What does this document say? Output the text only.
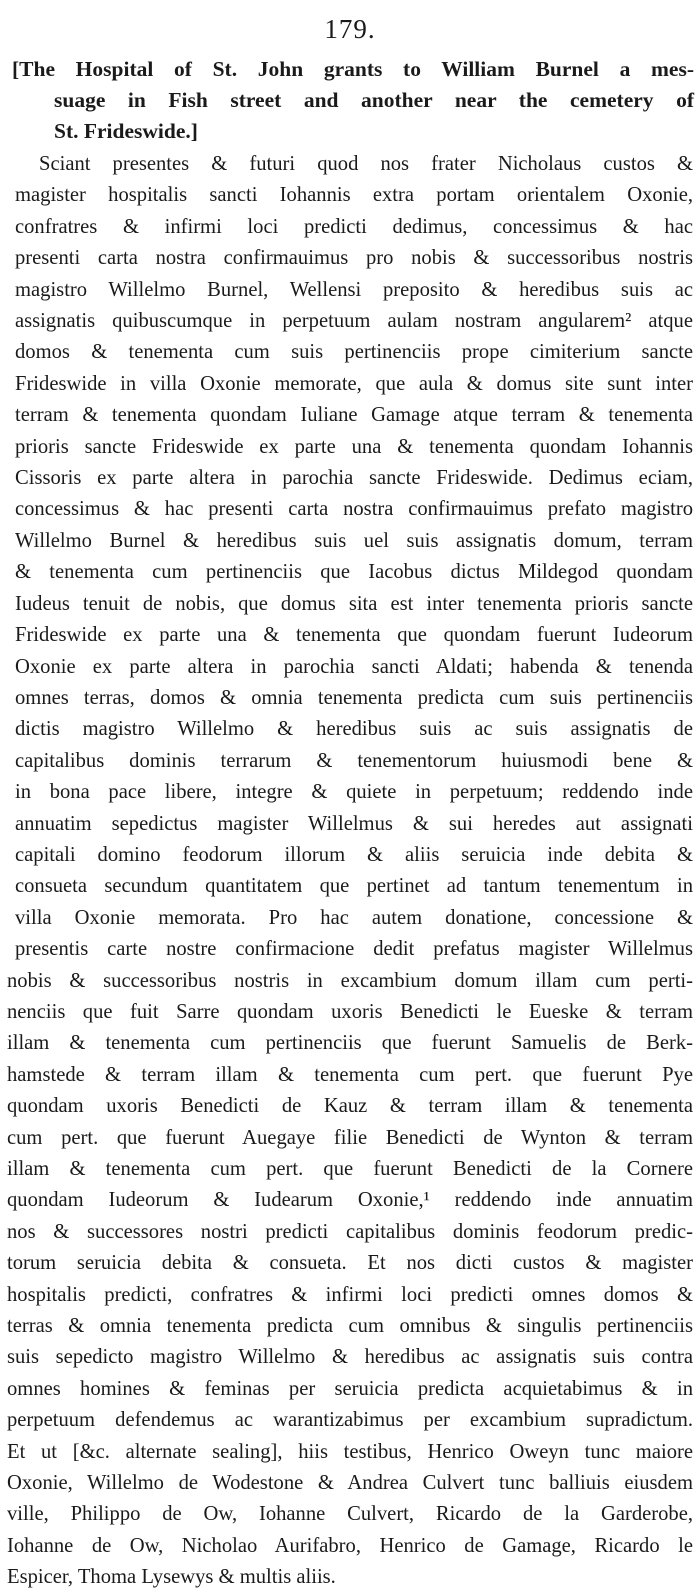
179.
[The Hospital of St. John grants to William Burnel a mes-
suage in Fish street and another near the cemetery of
St. Frideswide.]
Sciant presentes & futuri quod nos frater Nicholaus custos &
magister hospitalis sancti Iohannis extra portam orientalem Oxonie,
confratres & infirmi loci predicti dedimus, concessimus & hac
presenti carta nostra confirmauimus pro nobis & successoribus nostris
magistro Willelmo Burnel, Wellensi preposito & heredibus suis ac
assignatis quibuscumque in perpetuum aulam nostram angularem² atque
domos & tenementa cum suis pertinenciis prope cimiterium sancte
Frideswide in villa Oxonie memorate, que aula & domus site sunt inter
terram & tenementa quondam Iuliane Gamage atque terram & tenementa
prioris sancte Frideswide ex parte una & tenementa quondam Iohannis
Cissoris ex parte altera in parochia sancte Frideswide. Dedimus eciam,
concessimus & hac presenti carta nostra confirmauimus prefato magistro
Willelmo Burnel & heredibus suis uel suis assignatis domum, terram
& tenementa cum pertinenciis que Iacobus dictus Mildegod quondam
Iudeus tenuit de nobis, que domus sita est inter tenementa prioris sancte
Frideswide ex parte una & tenementa que quondam fuerunt Iudeorum
Oxonie ex parte altera in parochia sancti Aldati; habenda & tenenda
omnes terras, domos & omnia tenementa predicta cum suis pertinenciis
dictis magistro Willelmo & heredibus suis ac suis assignatis de
capitalibus dominis terrarum & tenementorum huiusmodi bene &
in bona pace libere, integre & quiete in perpetuum; reddendo inde
annuatim sepedictus magister Willelmus & sui heredes aut assignati
capitali domino feodorum illorum & aliis seruicia inde debita &
consueta secundum quantitatem que pertinet ad tantum tenementum in
villa Oxonie memorata. Pro hac autem donatione, concessione &
presentis carte nostre confirmacione dedit prefatus magister Willelmus
nobis & successoribus nostris in excambium domum illam cum perti-
nenciis que fuit Sarre quondam uxoris Benedicti le Eueske & terram
illam & tenementa cum pertinenciis que fuerunt Samuelis de Berk-
hamstede & terram illam & tenementa cum pert. que fuerunt Pye
quondam uxoris Benedicti de Kauz & terram illam & tenementa
cum pert. que fuerunt Auegaye filie Benedicti de Wynton & terram
illam & tenementa cum pert. que fuerunt Benedicti de la Cornere
quondam Iudeorum & Iudearum Oxonie,¹ reddendo inde annuatim
nos & successores nostri predicti capitalibus dominis feodorum predic-
torum seruicia debita & consueta. Et nos dicti custos & magister
hospitalis predicti, confratres & infirmi loci predicti omnes domos &
terras & omnia tenementa predicta cum omnibus & singulis pertinenciis
suis sepedicto magistro Willelmo & heredibus ac assignatis suis contra
omnes homines & feminas per seruicia predicta acquietabimus & in
perpetuum defendemus ac warantizabimus per excambium supradictum.
Et ut [&c. alternate sealing], hiis testibus, Henrico Oweyn tunc maiore
Oxonie, Willelmo de Wodestone & Andrea Culvert tunc balliuis eiusdem
ville, Philippo de Ow, Iohanne Culvert, Ricardo de la Garderobe,
Iohanne de Ow, Nicholao Aurifabro, Henrico de Gamage, Ricardo le
Espicer, Thoma Lysewys & multis aliis.
